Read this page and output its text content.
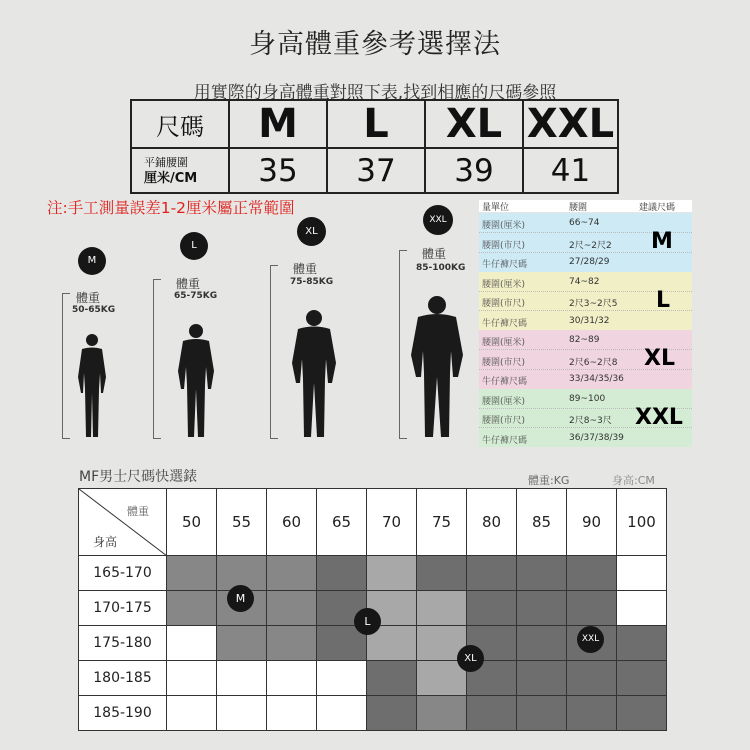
身高體重參考選擇法
用實際的身高體重對照下表,找到相應的尺碼參照
尺碼	M	L	XL	XXL

平鋪腰圍
厘米/CM	35	37	39	41
注:手工測量誤差1-2厘米屬正常範圍
M
體重
50-65KG
L
體重
65-75KG
XL
體重
75-85KG
XXL
體重
85-100KG
量單位	腰圍	建議尺碼
腰圍(厘米)	66~74
腰圍(市尺)	2尺~2尺2
牛仔褲尺碼	27/28/29
M
腰圍(厘米)	74~82
腰圍(市尺)	2尺3~2尺5
牛仔褲尺碼	30/31/32
L
腰圍(厘米)	82~89
腰圍(市尺)	2尺6~2尺8
牛仔褲尺碼	33/34/35/36
XL
腰圍(厘米)	89~100
腰圍(市尺)	2尺8~3尺
牛仔褲尺碼	36/37/38/39
XXL
MF男士尺碼快選錶	體重:KG	身高:CM
體重
身高	50	55	60	65	70	75	80	85	90	100
165-170										
170-175										
175-180										
180-185										
185-190										
M
L
XL
XXL
